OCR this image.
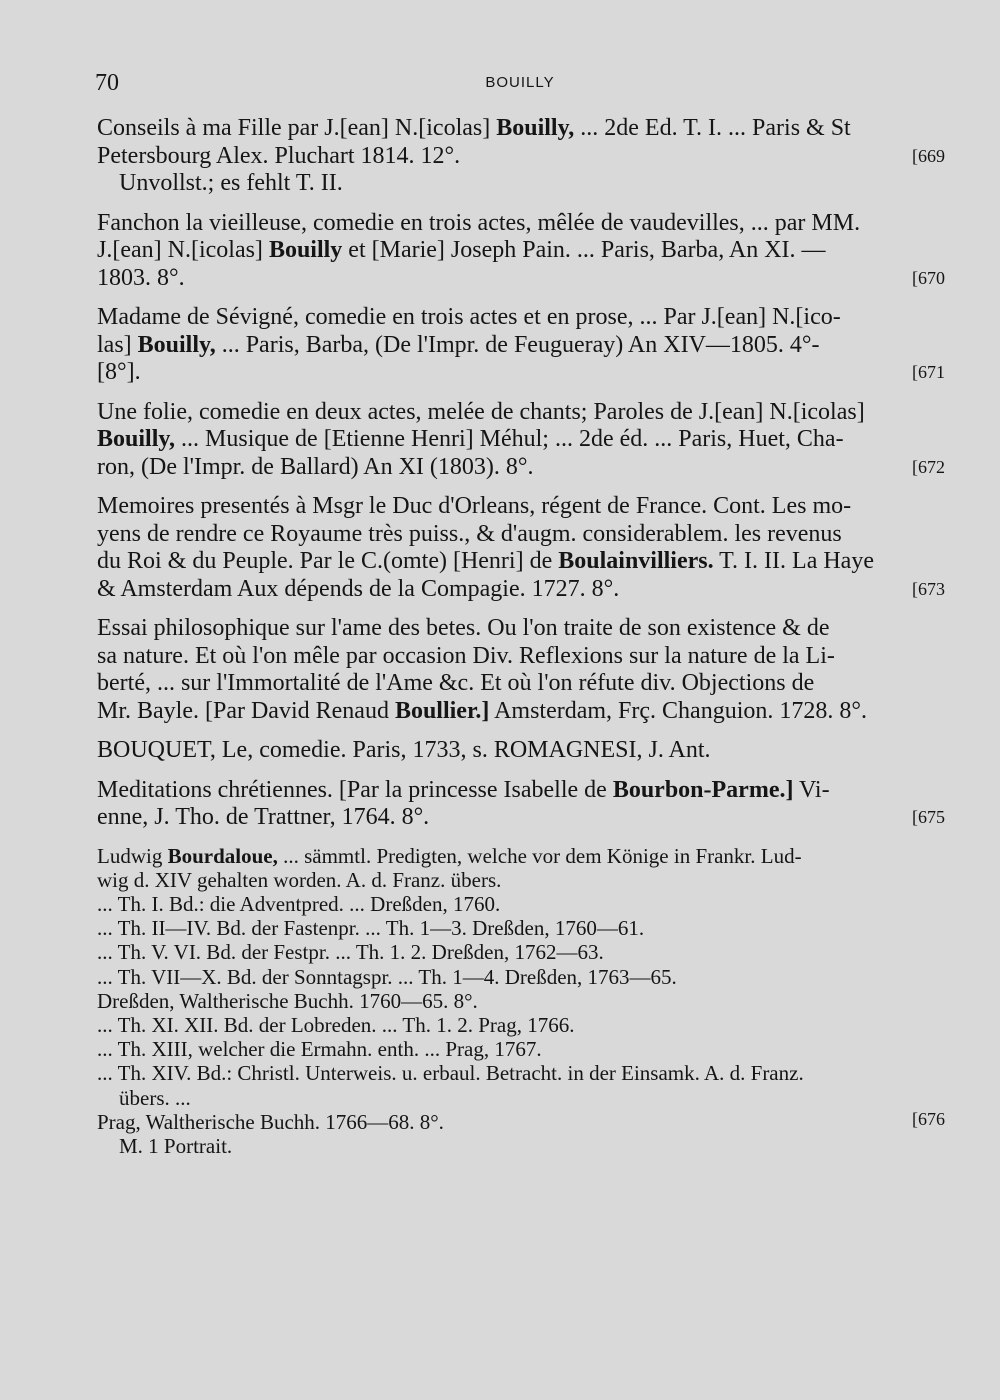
70	BOUILLY
Conseils à ma Fille par J.[ean] N.[icolas] Bouilly, ... 2de Ed. T. I. ... Paris & St
Petersbourg Alex. Pluchart 1814. 12°.
Unvollst.; es fehlt T. II.
[669
Fanchon la vieilleuse, comedie en trois actes, mêlée de vaudevilles, ... par MM.
J.[ean] N.[icolas] Bouilly et [Marie] Joseph Pain. ... Paris, Barba, An XI. —
1803. 8°.	[670
Madame de Sévigné, comedie en trois actes et en prose, ... Par J.[ean] N.[ico-
las] Bouilly, ... Paris, Barba, (De l'Impr. de Feugueray) An XIV—1805. 4°-
[8°].	[671
Une folie, comedie en deux actes, melée de chants; Paroles de J.[ean] N.[icolas]
Bouilly, ... Musique de [Etienne Henri] Méhul; ... 2de éd. ... Paris, Huet, Cha-
ron, (De l'Impr. de Ballard) An XI (1803). 8°.	[672
Memoires presentés à Msgr le Duc d'Orleans, régent de France. Cont. Les mo-
yens de rendre ce Royaume très puiss., & d'augm. considerablem. les revenus
du Roi & du Peuple. Par le C.(omte) [Henri] de Boulainvilliers. T. I. II. La Haye
& Amsterdam Aux dépends de la Compagie. 1727. 8°.	[673
Essai philosophique sur l'ame des betes. Ou l'on traite de son existence & de
sa nature. Et où l'on mêle par occasion Div. Reflexions sur la nature de la Li-
berté, ... sur l'Immortalité de l'Ame &c. Et où l'on réfute div. Objections de
Mr. Bayle. [Par David Renaud Boullier.] Amsterdam, Frç. Changuion. 1728. 8°.
BOUQUET, Le, comedie. Paris, 1733, s. ROMAGNESI, J. Ant.
Meditations chrétiennes. [Par la princesse Isabelle de Bourbon-Parme.] Vi-
enne, J. Tho. de Trattner, 1764. 8°.	[675
Ludwig Bourdaloue, ... sämmtl. Predigten, welche vor dem Könige in Frankr. Lud-
wig d. XIV gehalten worden. A. d. Franz. übers.
... Th. I. Bd.: die Adventpred. ... Dreßden, 1760.
... Th. II—IV. Bd. der Fastenpr. ... Th. 1—3. Dreßden, 1760—61.
... Th. V. VI. Bd. der Festpr. ... Th. 1. 2. Dreßden, 1762—63.
... Th. VII—X. Bd. der Sonntagspr. ... Th. 1—4. Dreßden, 1763—65.
Dreßden, Waltherische Buchh. 1760—65. 8°.
... Th. XI. XII. Bd. der Lobreden. ... Th. 1. 2. Prag, 1766.
... Th. XIII, welcher die Ermahn. enth. ... Prag, 1767.
... Th. XIV. Bd.: Christl. Unterweis. u. erbaul. Betracht. in der Einsamk. A. d. Franz.
übers. ...
Prag, Waltherische Buchh. 1766—68. 8°.
M. 1 Portrait.
[676
